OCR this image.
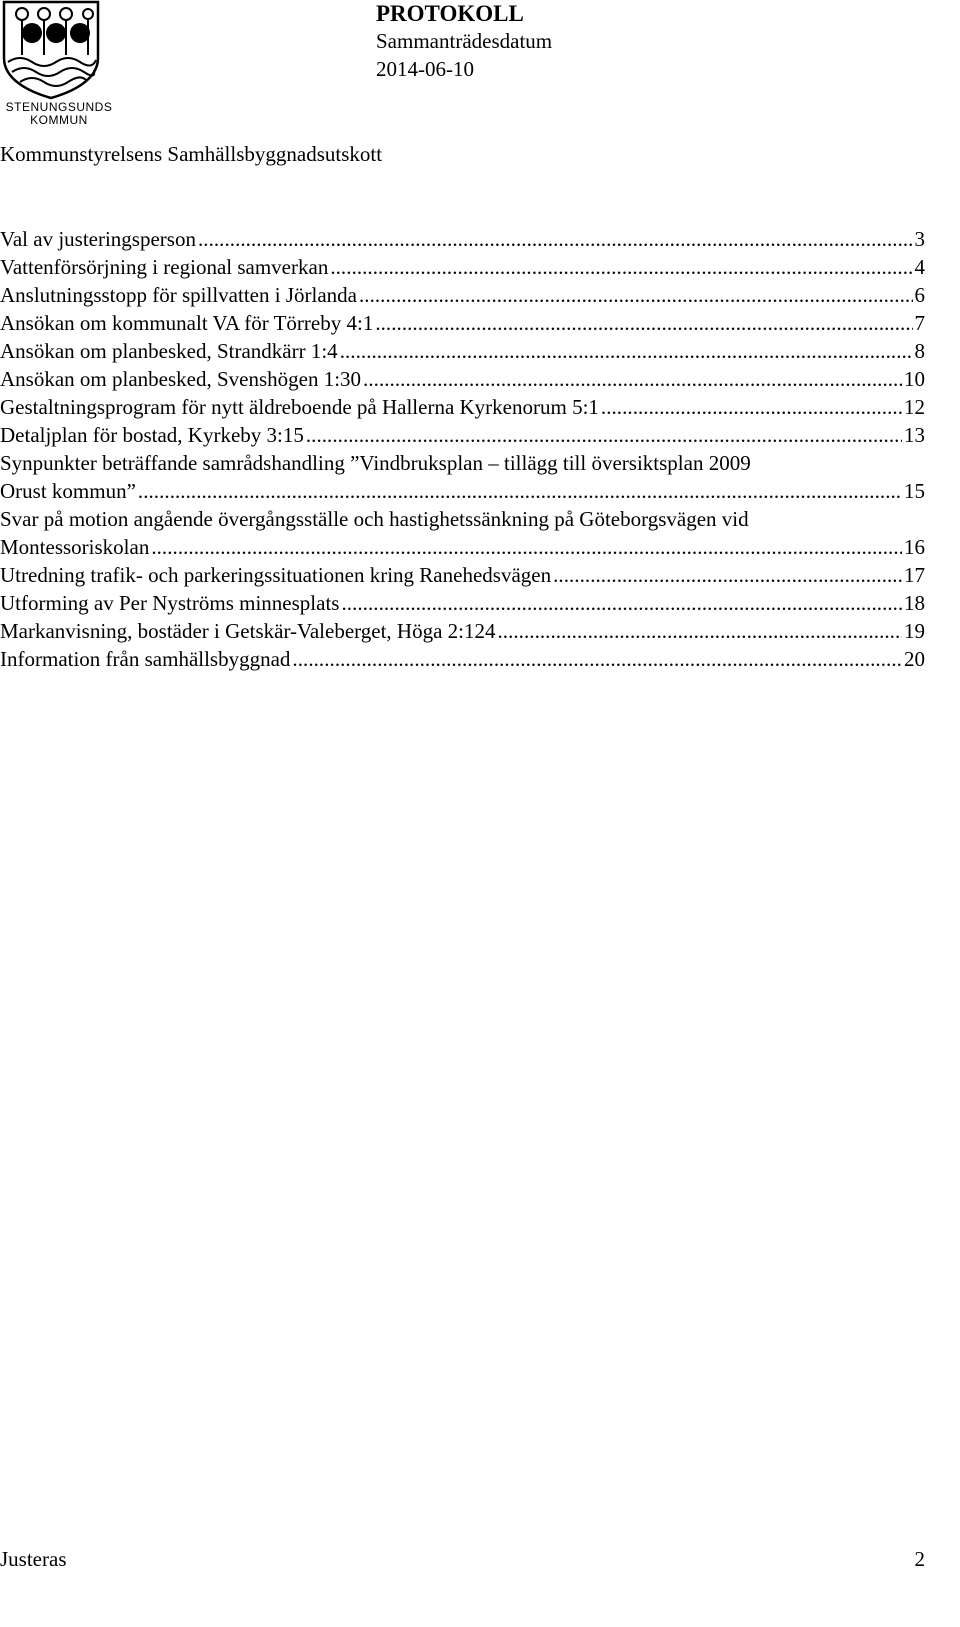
STENUNGSUNDS
KOMMUN
PROTOKOLL
Sammanträdesdatum
2014-06-10
Kommunstyrelsens Samhällsbyggnadsutskott
Val av justeringsperson . . .	3
Vattenförsörjning i regional samverkan . . .	4
Anslutningsstopp för spillvatten i Jörlanda . . .	6
Ansökan om kommunalt VA för Törreby 4:1 . . .	7
Ansökan om planbesked, Strandkärr 1:4 . . .	8
Ansökan om planbesked, Svenshögen 1:30 . . .	10
Gestaltningsprogram för nytt äldreboende på Hallerna Kyrkenorum 5:1 . . .	12
Detaljplan för bostad, Kyrkeby 3:15 . . .	13
Synpunkter beträffande samrådshandling ”Vindbruksplan – tillägg till översiktsplan 2009
Orust kommun” . . .	15
Svar på motion angående övergångsställe och hastighetssänkning på Göteborgsvägen vid
Montessoriskolan . . .	16
Utredning trafik- och parkeringssituationen kring Ranehedsvägen . . .	17
Utforming av Per Nyströms minnesplats . . .	18
Markanvisning, bostäder i Getskär-Valeberget, Höga 2:124 . . .	19
Information från samhällsbyggnad . . .	20
Justeras	2
